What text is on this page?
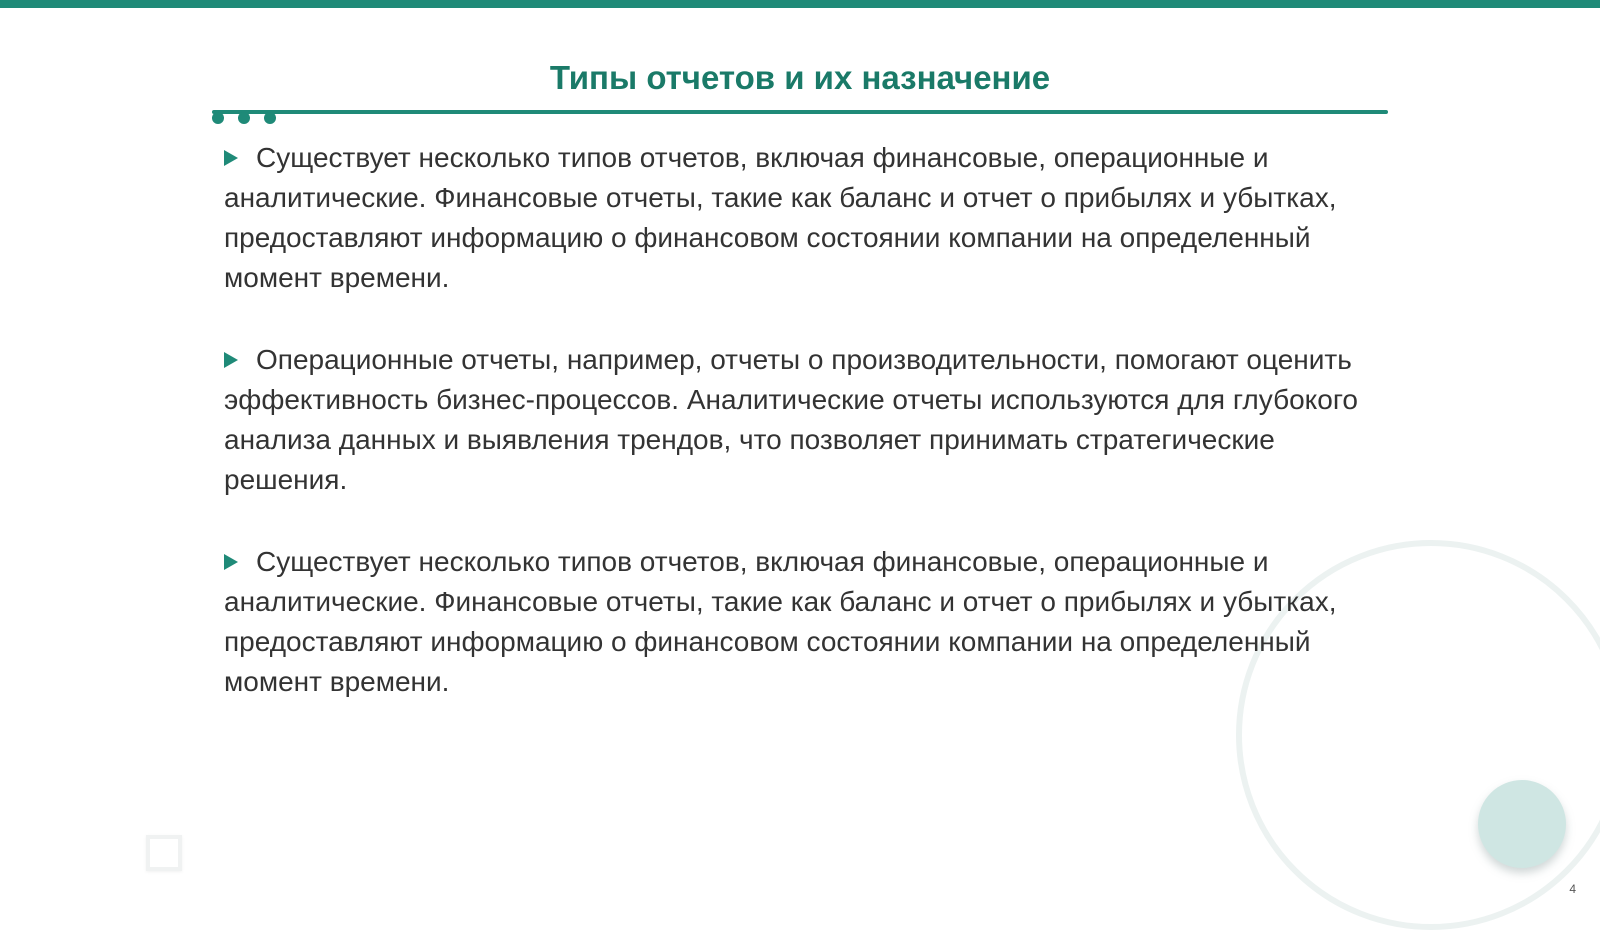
Типы отчетов и их назначение

Существует несколько типов отчетов, включая финансовые, операционные и аналитические. Финансовые отчеты, такие как баланс и отчет о прибылях и убытках, предоставляют информацию о финансовом состоянии компании на определенный момент времени.

Операционные отчеты, например, отчеты о производительности, помогают оценить эффективность бизнес-процессов. Аналитические отчеты используются для глубокого анализа данных и выявления трендов, что позволяет принимать стратегические решения.

Существует несколько типов отчетов, включая финансовые, операционные и аналитические. Финансовые отчеты, такие как баланс и отчет о прибылях и убытках, предоставляют информацию о финансовом состоянии компании на определенный момент времени.

4
